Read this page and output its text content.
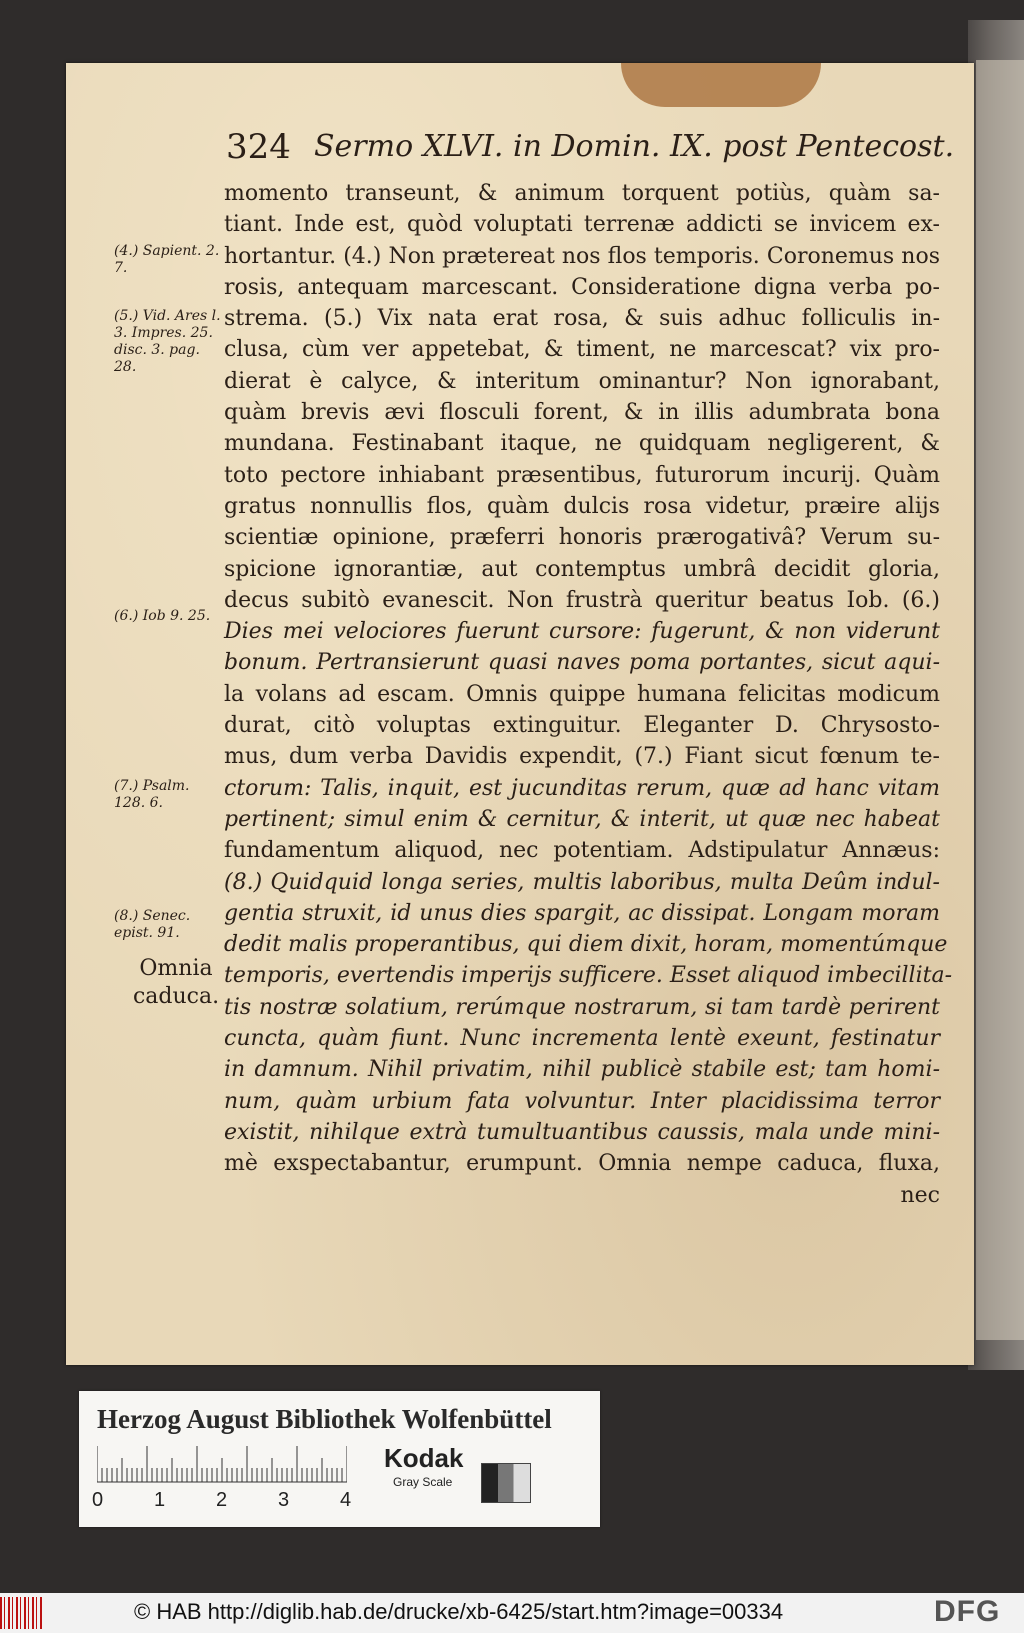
324 Sermo XLVI. in Domin. IX. post Pentecost.
(4.) Sapient. 2. 7.
(5.) Vid. Ares l. 3. Impres. 25. disc. 3. pag. 28.
(6.) Iob 9. 25.
(7.) Psalm. 128. 6.
(8.) Senec. epist. 91.
Omnia caduca.
momento transeunt, & animum torquent potiùs, quàm sa-
tiant. Inde est, quòd voluptati terrenæ addicti se invicem ex-
hortantur. (4.) Non prætereat nos flos temporis. Coronemus nos
rosis, antequam marcescant. Consideratione digna verba po-
strema. (5.) Vix nata erat rosa, & suis adhuc folliculis in-
clusa, cùm ver appetebat, & timent, ne marcescat? vix pro-
dierat è calyce, & interitum ominantur? Non ignorabant,
quàm brevis ævi flosculi forent, & in illis adumbrata bona
mundana. Festinabant itaque, ne quidquam negligerent, &
toto pectore inhiabant præsentibus, futurorum incurij. Quàm
gratus nonnullis flos, quàm dulcis rosa videtur, præire alijs
scientiæ opinione, præferri honoris prærogativâ? Verum su-
spicione ignorantiæ, aut contemptus umbrâ decidit gloria,
decus subitò evanescit. Non frustrà queritur beatus Iob. (6.)
Dies mei velociores fuerunt cursore: fugerunt, & non viderunt
bonum. Pertransierunt quasi naves poma portantes, sicut aqui-
la volans ad escam. Omnis quippe humana felicitas modicum
durat, citò voluptas extinguitur. Eleganter D. Chrysosto-
mus, dum verba Davidis expendit, (7.) Fiant sicut fœnum te-
ctorum: Talis, inquit, est jucunditas rerum, quæ ad hanc vitam
pertinent; simul enim & cernitur, & interit, ut quæ nec habeat
fundamentum aliquod, nec potentiam. Adstipulatur Annæus:
(8.) Quidquid longa series, multis laboribus, multa Deûm indul-
gentia struxit, id unus dies spargit, ac dissipat. Longam moram
dedit malis properantibus, qui diem dixit, horam, momentúmque
temporis, evertendis imperijs sufficere. Esset aliquod imbecillita-
tis nostræ solatium, rerúmque nostrarum, si tam tardè perirent
cuncta, quàm fiunt. Nunc incrementa lentè exeunt, festinatur
in damnum. Nihil privatim, nihil publicè stabile est; tam homi-
num, quàm urbium fata volvuntur. Inter placidissima terror
existit, nihilque extrà tumultuantibus caussis, mala unde mini-
mè exspectabantur, erumpunt. Omnia nempe caduca, fluxa,
nec
Herzog August Bibliothek Wolfenbüttel
0	1	2	3	4
Kodak
Gray Scale
© HAB http://diglib.hab.de/drucke/xb-6425/start.htm?image=00334	DFG
